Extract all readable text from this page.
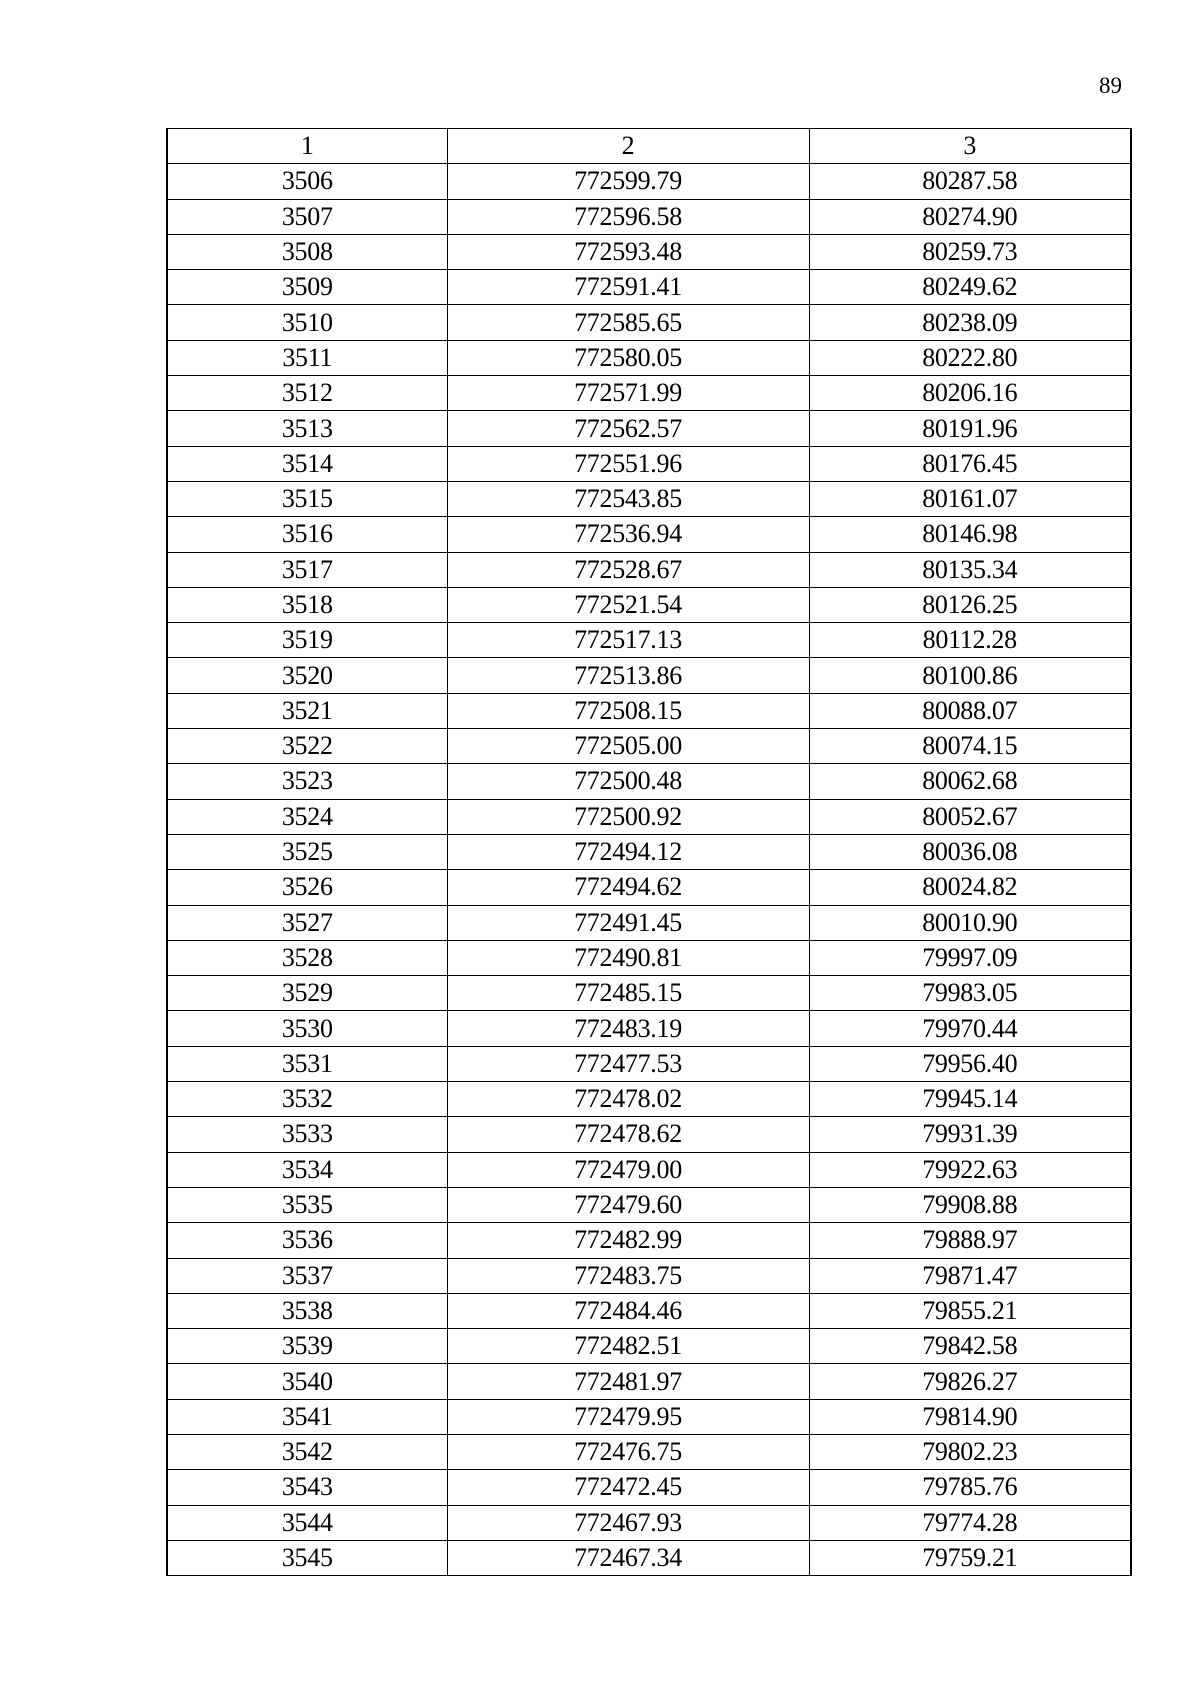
89
1	2	3
3506	772599.79	80287.58
3507	772596.58	80274.90
3508	772593.48	80259.73
3509	772591.41	80249.62
3510	772585.65	80238.09
3511	772580.05	80222.80
3512	772571.99	80206.16
3513	772562.57	80191.96
3514	772551.96	80176.45
3515	772543.85	80161.07
3516	772536.94	80146.98
3517	772528.67	80135.34
3518	772521.54	80126.25
3519	772517.13	80112.28
3520	772513.86	80100.86
3521	772508.15	80088.07
3522	772505.00	80074.15
3523	772500.48	80062.68
3524	772500.92	80052.67
3525	772494.12	80036.08
3526	772494.62	80024.82
3527	772491.45	80010.90
3528	772490.81	79997.09
3529	772485.15	79983.05
3530	772483.19	79970.44
3531	772477.53	79956.40
3532	772478.02	79945.14
3533	772478.62	79931.39
3534	772479.00	79922.63
3535	772479.60	79908.88
3536	772482.99	79888.97
3537	772483.75	79871.47
3538	772484.46	79855.21
3539	772482.51	79842.58
3540	772481.97	79826.27
3541	772479.95	79814.90
3542	772476.75	79802.23
3543	772472.45	79785.76
3544	772467.93	79774.28
3545	772467.34	79759.21
